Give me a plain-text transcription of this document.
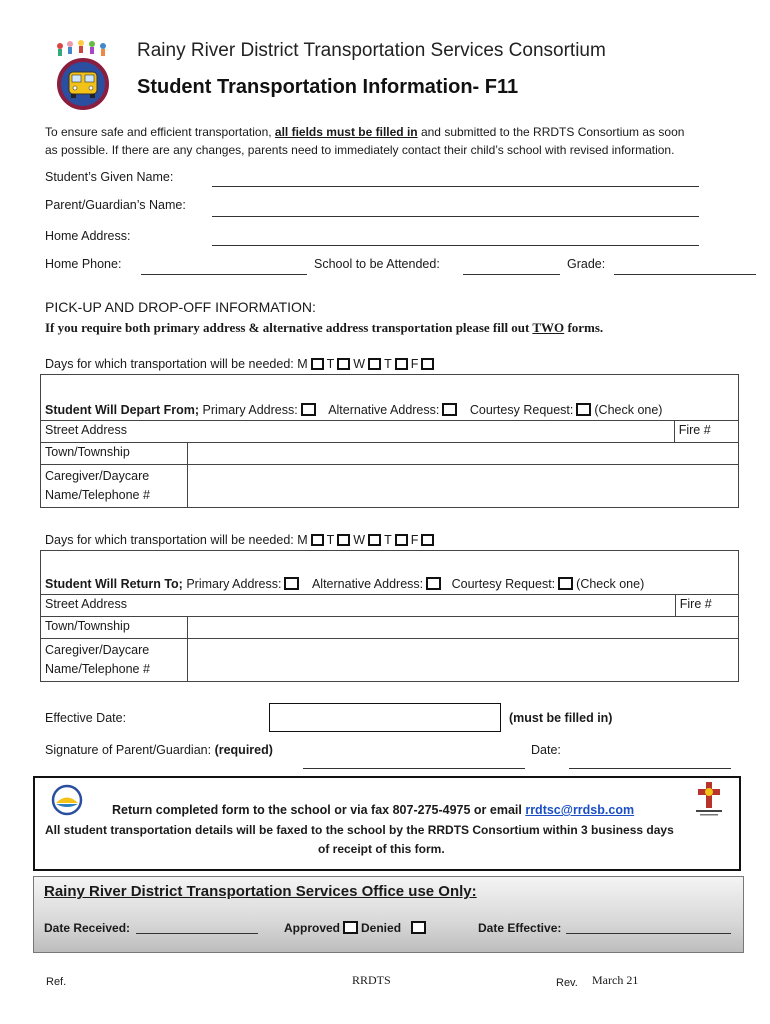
Rainy River District Transportation Services Consortium
Student Transportation Information- F11
To ensure safe and efficient transportation, all fields must be filled in and submitted to the RRDTS Consortium as soon
as possible. If there are any changes, parents need to immediately contact their child’s school with revised information.
Student’s Given Name:
Parent/Guardian’s Name:
Home Address:
Home Phone:	School to be Attended:	Grade:
PICK-UP AND DROP-OFF INFORMATION:
If you require both primary address & alternative address transportation please fill out TWO forms.
Days for which transportation will be needed: M T W T F
Student Will Depart From; Primary Address: Alternative Address: Courtesy Request: (Check one)		
Street Address		Fire #
Town/Township		

Caregiver/Daycare
Name/Telephone #		

Days for which transportation will be needed: M T W T F
Student Will Return To; Primary Address: Alternative Address: Courtesy Request: (Check one)		
Street Address		Fire #
Town/Township		

Caregiver/Daycare
Name/Telephone #		

Effective Date:	(must be filled in)
Signature of Parent/Guardian: (required)	Date:
Return completed form to the school or via fax 807-275-4975 or email rrdtsc@rrdsb.com
All student transportation details will be faxed to the school by the RRDTS Consortium within 3 business days
of receipt of this form.
Rainy River District Transportation Services Office use Only:
Date Received:	Approved Denied	Date Effective:
Ref.	RRDTS	Rev. March 21
